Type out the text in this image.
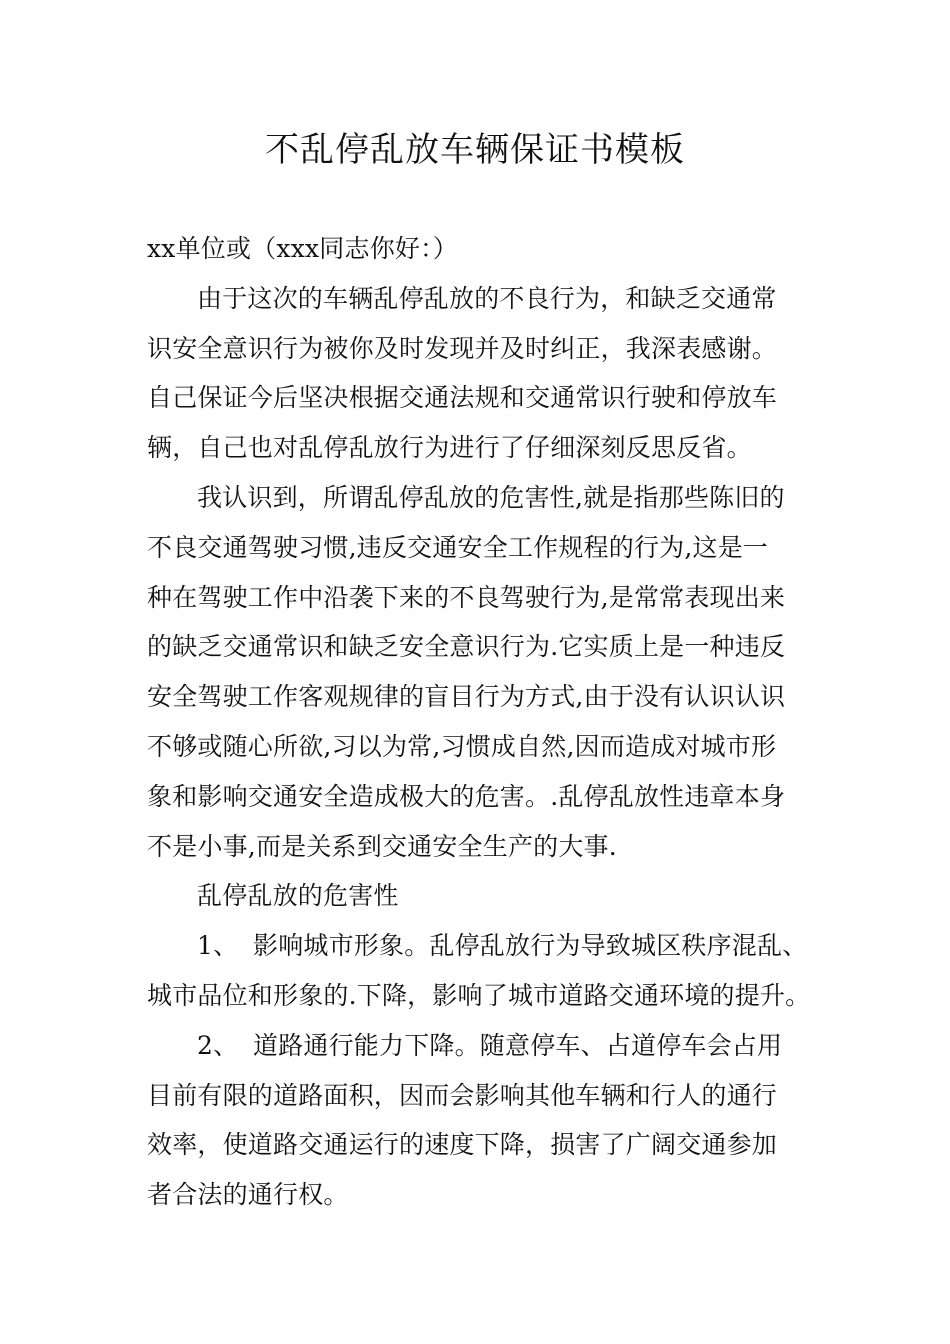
不乱停乱放车辆保证书模板
xx单位或（xxx同志你好：）
由于这次的车辆乱停乱放的不良行为，和缺乏交通常
识安全意识行为被你及时发现并及时纠正，我深表感谢。
自己保证今后坚决根据交通法规和交通常识行驶和停放车
辆，自己也对乱停乱放行为进行了仔细深刻反思反省。
我认识到，所谓乱停乱放的危害性,就是指那些陈旧的
不良交通驾驶习惯,违反交通安全工作规程的行为,这是一
种在驾驶工作中沿袭下来的不良驾驶行为,是常常表现出来
的缺乏交通常识和缺乏安全意识行为.它实质上是一种违反
安全驾驶工作客观规律的盲目行为方式,由于没有认识认识
不够或随心所欲,习以为常,习惯成自然,因而造成对城市形
象和影响交通安全造成极大的危害。.乱停乱放性违章本身
不是小事,而是关系到交通安全生产的大事.
乱停乱放的危害性
1、 影响城市形象。乱停乱放行为导致城区秩序混乱、
城市品位和形象的.下降，影响了城市道路交通环境的提升。
2、 道路通行能力下降。随意停车、占道停车会占用
目前有限的道路面积，因而会影响其他车辆和行人的通行
效率，使道路交通运行的速度下降，损害了广阔交通参加
者合法的通行权。
